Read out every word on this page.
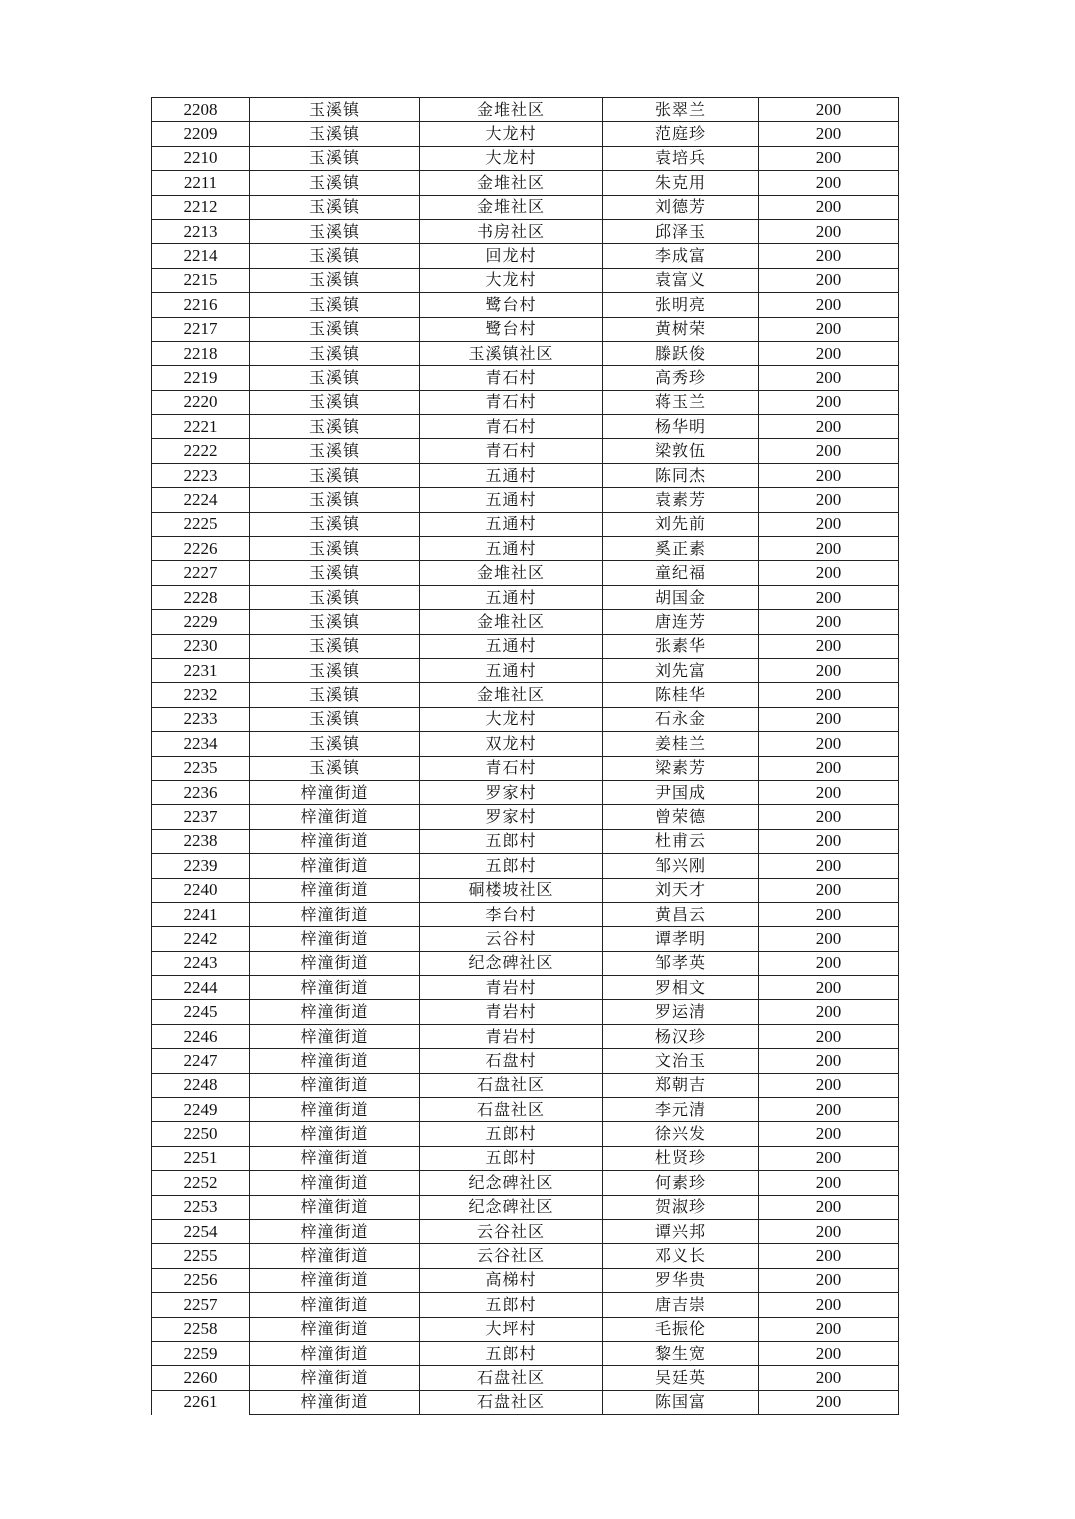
2208	玉溪镇	金堆社区	张翠兰	200
2209	玉溪镇	大龙村	范庭珍	200
2210	玉溪镇	大龙村	袁培兵	200
2211	玉溪镇	金堆社区	朱克用	200
2212	玉溪镇	金堆社区	刘德芳	200
2213	玉溪镇	书房社区	邱泽玉	200
2214	玉溪镇	回龙村	李成富	200
2215	玉溪镇	大龙村	袁富义	200
2216	玉溪镇	鹭台村	张明亮	200
2217	玉溪镇	鹭台村	黄树荣	200
2218	玉溪镇	玉溪镇社区	滕跃俊	200
2219	玉溪镇	青石村	高秀珍	200
2220	玉溪镇	青石村	蒋玉兰	200
2221	玉溪镇	青石村	杨华明	200
2222	玉溪镇	青石村	梁敦伍	200
2223	玉溪镇	五通村	陈同杰	200
2224	玉溪镇	五通村	袁素芳	200
2225	玉溪镇	五通村	刘先前	200
2226	玉溪镇	五通村	奚正素	200
2227	玉溪镇	金堆社区	童纪福	200
2228	玉溪镇	五通村	胡国金	200
2229	玉溪镇	金堆社区	唐连芳	200
2230	玉溪镇	五通村	张素华	200
2231	玉溪镇	五通村	刘先富	200
2232	玉溪镇	金堆社区	陈桂华	200
2233	玉溪镇	大龙村	石永金	200
2234	玉溪镇	双龙村	姜桂兰	200
2235	玉溪镇	青石村	梁素芳	200
2236	梓潼街道	罗家村	尹国成	200
2237	梓潼街道	罗家村	曾荣德	200
2238	梓潼街道	五郎村	杜甫云	200
2239	梓潼街道	五郎村	邹兴刚	200
2240	梓潼街道	硐楼坡社区	刘天才	200
2241	梓潼街道	李台村	黄昌云	200
2242	梓潼街道	云谷村	谭孝明	200
2243	梓潼街道	纪念碑社区	邹孝英	200
2244	梓潼街道	青岩村	罗相文	200
2245	梓潼街道	青岩村	罗运清	200
2246	梓潼街道	青岩村	杨汉珍	200
2247	梓潼街道	石盘村	文治玉	200
2248	梓潼街道	石盘社区	郑朝吉	200
2249	梓潼街道	石盘社区	李元清	200
2250	梓潼街道	五郎村	徐兴发	200
2251	梓潼街道	五郎村	杜贤珍	200
2252	梓潼街道	纪念碑社区	何素珍	200
2253	梓潼街道	纪念碑社区	贺淑珍	200
2254	梓潼街道	云谷社区	谭兴邦	200
2255	梓潼街道	云谷社区	邓义长	200
2256	梓潼街道	高梯村	罗华贵	200
2257	梓潼街道	五郎村	唐吉崇	200
2258	梓潼街道	大坪村	毛振伦	200
2259	梓潼街道	五郎村	黎生宽	200
2260	梓潼街道	石盘社区	吴廷英	200
2261	梓潼街道	石盘社区	陈国富	200
